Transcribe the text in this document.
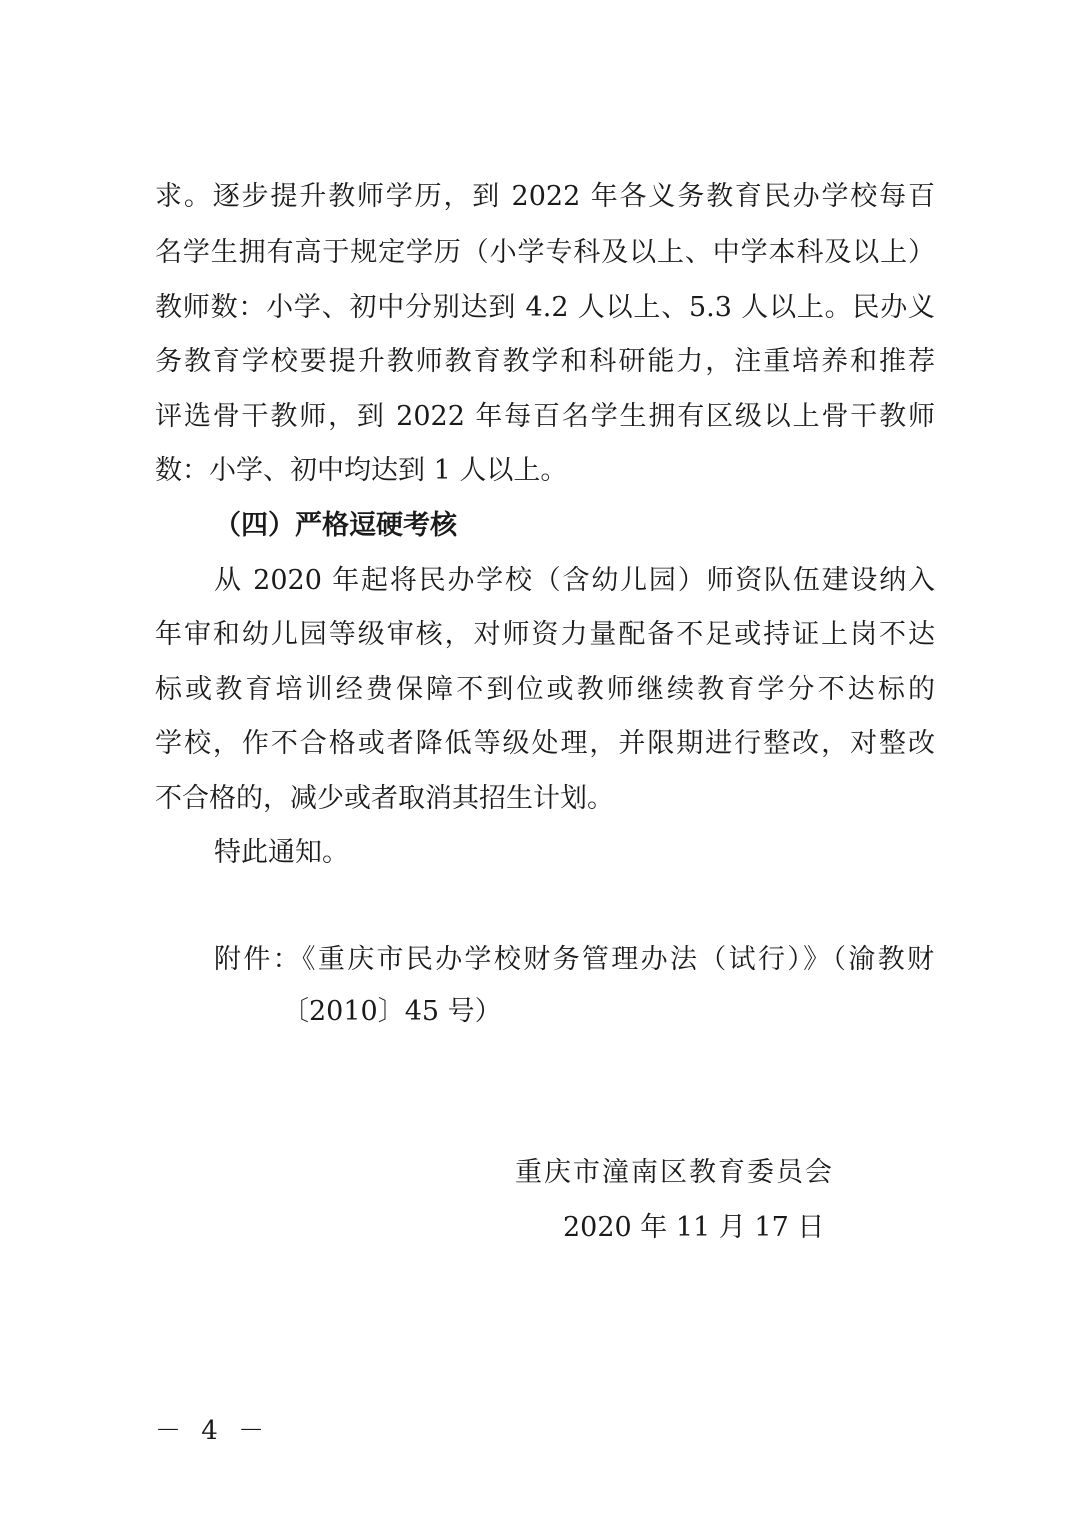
求。逐步提升教师学历，到 2022 年各义务教育民办学校每百
名学生拥有高于规定学历（小学专科及以上、中学本科及以上）
教师数：小学、初中分别达到 4.2 人以上、5.3 人以上。民办义
务教育学校要提升教师教育教学和科研能力，注重培养和推荐
评选骨干教师，到 2022 年每百名学生拥有区级以上骨干教师
数：小学、初中均达到 1 人以上。
（四）严格逗硬考核
从 2020 年起将民办学校（含幼儿园）师资队伍建设纳入
年审和幼儿园等级审核，对师资力量配备不足或持证上岗不达
标或教育培训经费保障不到位或教师继续教育学分不达标的
学校，作不合格或者降低等级处理，并限期进行整改，对整改
不合格的，减少或者取消其招生计划。
特此通知。
附件：《重庆市民办学校财务管理办法（试行）》（渝教财
〔2010〕45 号）
重庆市潼南区教育委员会
2020 年 11 月 17 日
－ 4 －
